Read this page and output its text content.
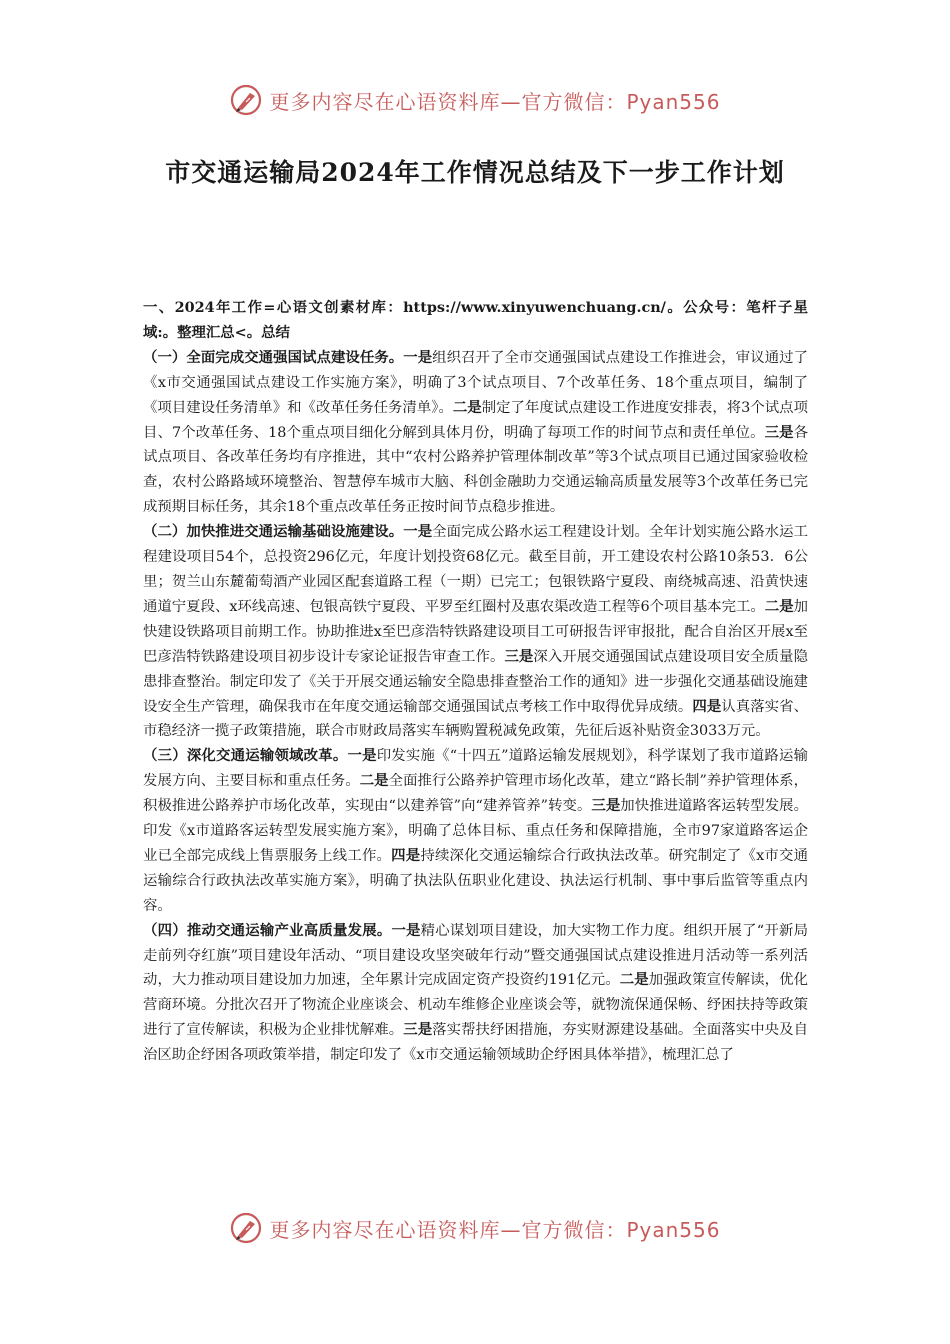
更多内容尽在心语资料库—官方微信：Pyan556
市交通运输局2024年工作情况总结及下一步工作计划

一、2024年工作=心语文创素材库：https://www.xinyuwenchuang.cn/。公众号：笔杆子星域:。整理汇总<。总结

（一）全面完成交通强国试点建设任务。一是组织召开了全市交通强国试点建设工作推进会，审议通过了《x市交通强国试点建设工作实施方案》，明确了3个试点项目、7个改革任务、18个重点项目，编制了《项目建设任务清单》和《改革任务任务清单》。二是制定了年度试点建设工作进度安排表，将3个试点项目、7个改革任务、18个重点项目细化分解到具体月份，明确了每项工作的时间节点和责任单位。三是各试点项目、各改革任务均有序推进，其中“农村公路养护管理体制改革”等3个试点项目已通过国家验收检查，农村公路路域环境整治、智慧停车城市大脑、科创金融助力交通运输高质量发展等3个改革任务已完成预期目标任务，其余18个重点改革任务正按时间节点稳步推进。

（二）加快推进交通运输基础设施建设。一是全面完成公路水运工程建设计划。全年计划实施公路水运工程建设项目54个，总投资296亿元，年度计划投资68亿元。截至目前，开工建设农村公路10条53．6公里；贺兰山东麓葡萄酒产业园区配套道路工程（一期）已完工；包银铁路宁夏段、南绕城高速、沿黄快速通道宁夏段、x环线高速、包银高铁宁夏段、平罗至红圈村及惠农渠改造工程等6个项目基本完工。二是加快建设铁路项目前期工作。协助推进x至巴彦浩特铁路建设项目工可研报告评审报批，配合自治区开展x至巴彦浩特铁路建设项目初步设计专家论证报告审查工作。三是深入开展交通强国试点建设项目安全质量隐患排查整治。制定印发了《关于开展交通运输安全隐患排查整治工作的通知》进一步强化交通基础设施建设安全生产管理，确保我市在年度交通运输部交通强国试点考核工作中取得优异成绩。四是认真落实省、市稳经济一揽子政策措施，联合市财政局落实车辆购置税减免政策，先征后返补贴资金3033万元。

（三）深化交通运输领域改革。一是印发实施《“十四五”道路运输发展规划》，科学谋划了我市道路运输发展方向、主要目标和重点任务。二是全面推行公路养护管理市场化改革，建立“路长制”养护管理体系，积极推进公路养护市场化改革，实现由“以建养管”向“建养管养”转变。三是加快推进道路客运转型发展。印发《x市道路客运转型发展实施方案》，明确了总体目标、重点任务和保障措施，全市97家道路客运企业已全部完成线上售票服务上线工作。四是持续深化交通运输综合行政执法改革。研究制定了《x市交通运输综合行政执法改革实施方案》，明确了执法队伍职业化建设、执法运行机制、事中事后监管等重点内容。

（四）推动交通运输产业高质量发展。一是精心谋划项目建设，加大实物工作力度。组织开展了“开新局走前列夺红旗”项目建设年活动、“项目建设攻坚突破年行动”暨交通强国试点建设推进月活动等一系列活动，大力推动项目建设加力加速，全年累计完成固定资产投资约191亿元。二是加强政策宣传解读，优化营商环境。分批次召开了物流企业座谈会、机动车维修企业座谈会等，就物流保通保畅、纾困扶持等政策进行了宣传解读，积极为企业排忧解难。三是落实帮扶纾困措施，夯实财源建设基础。全面落实中央及自治区助企纾困各项政策举措，制定印发了《x市交通运输领域助企纾困具体举措》，梳理汇总了

更多内容尽在心语资料库—官方微信：Pyan556
